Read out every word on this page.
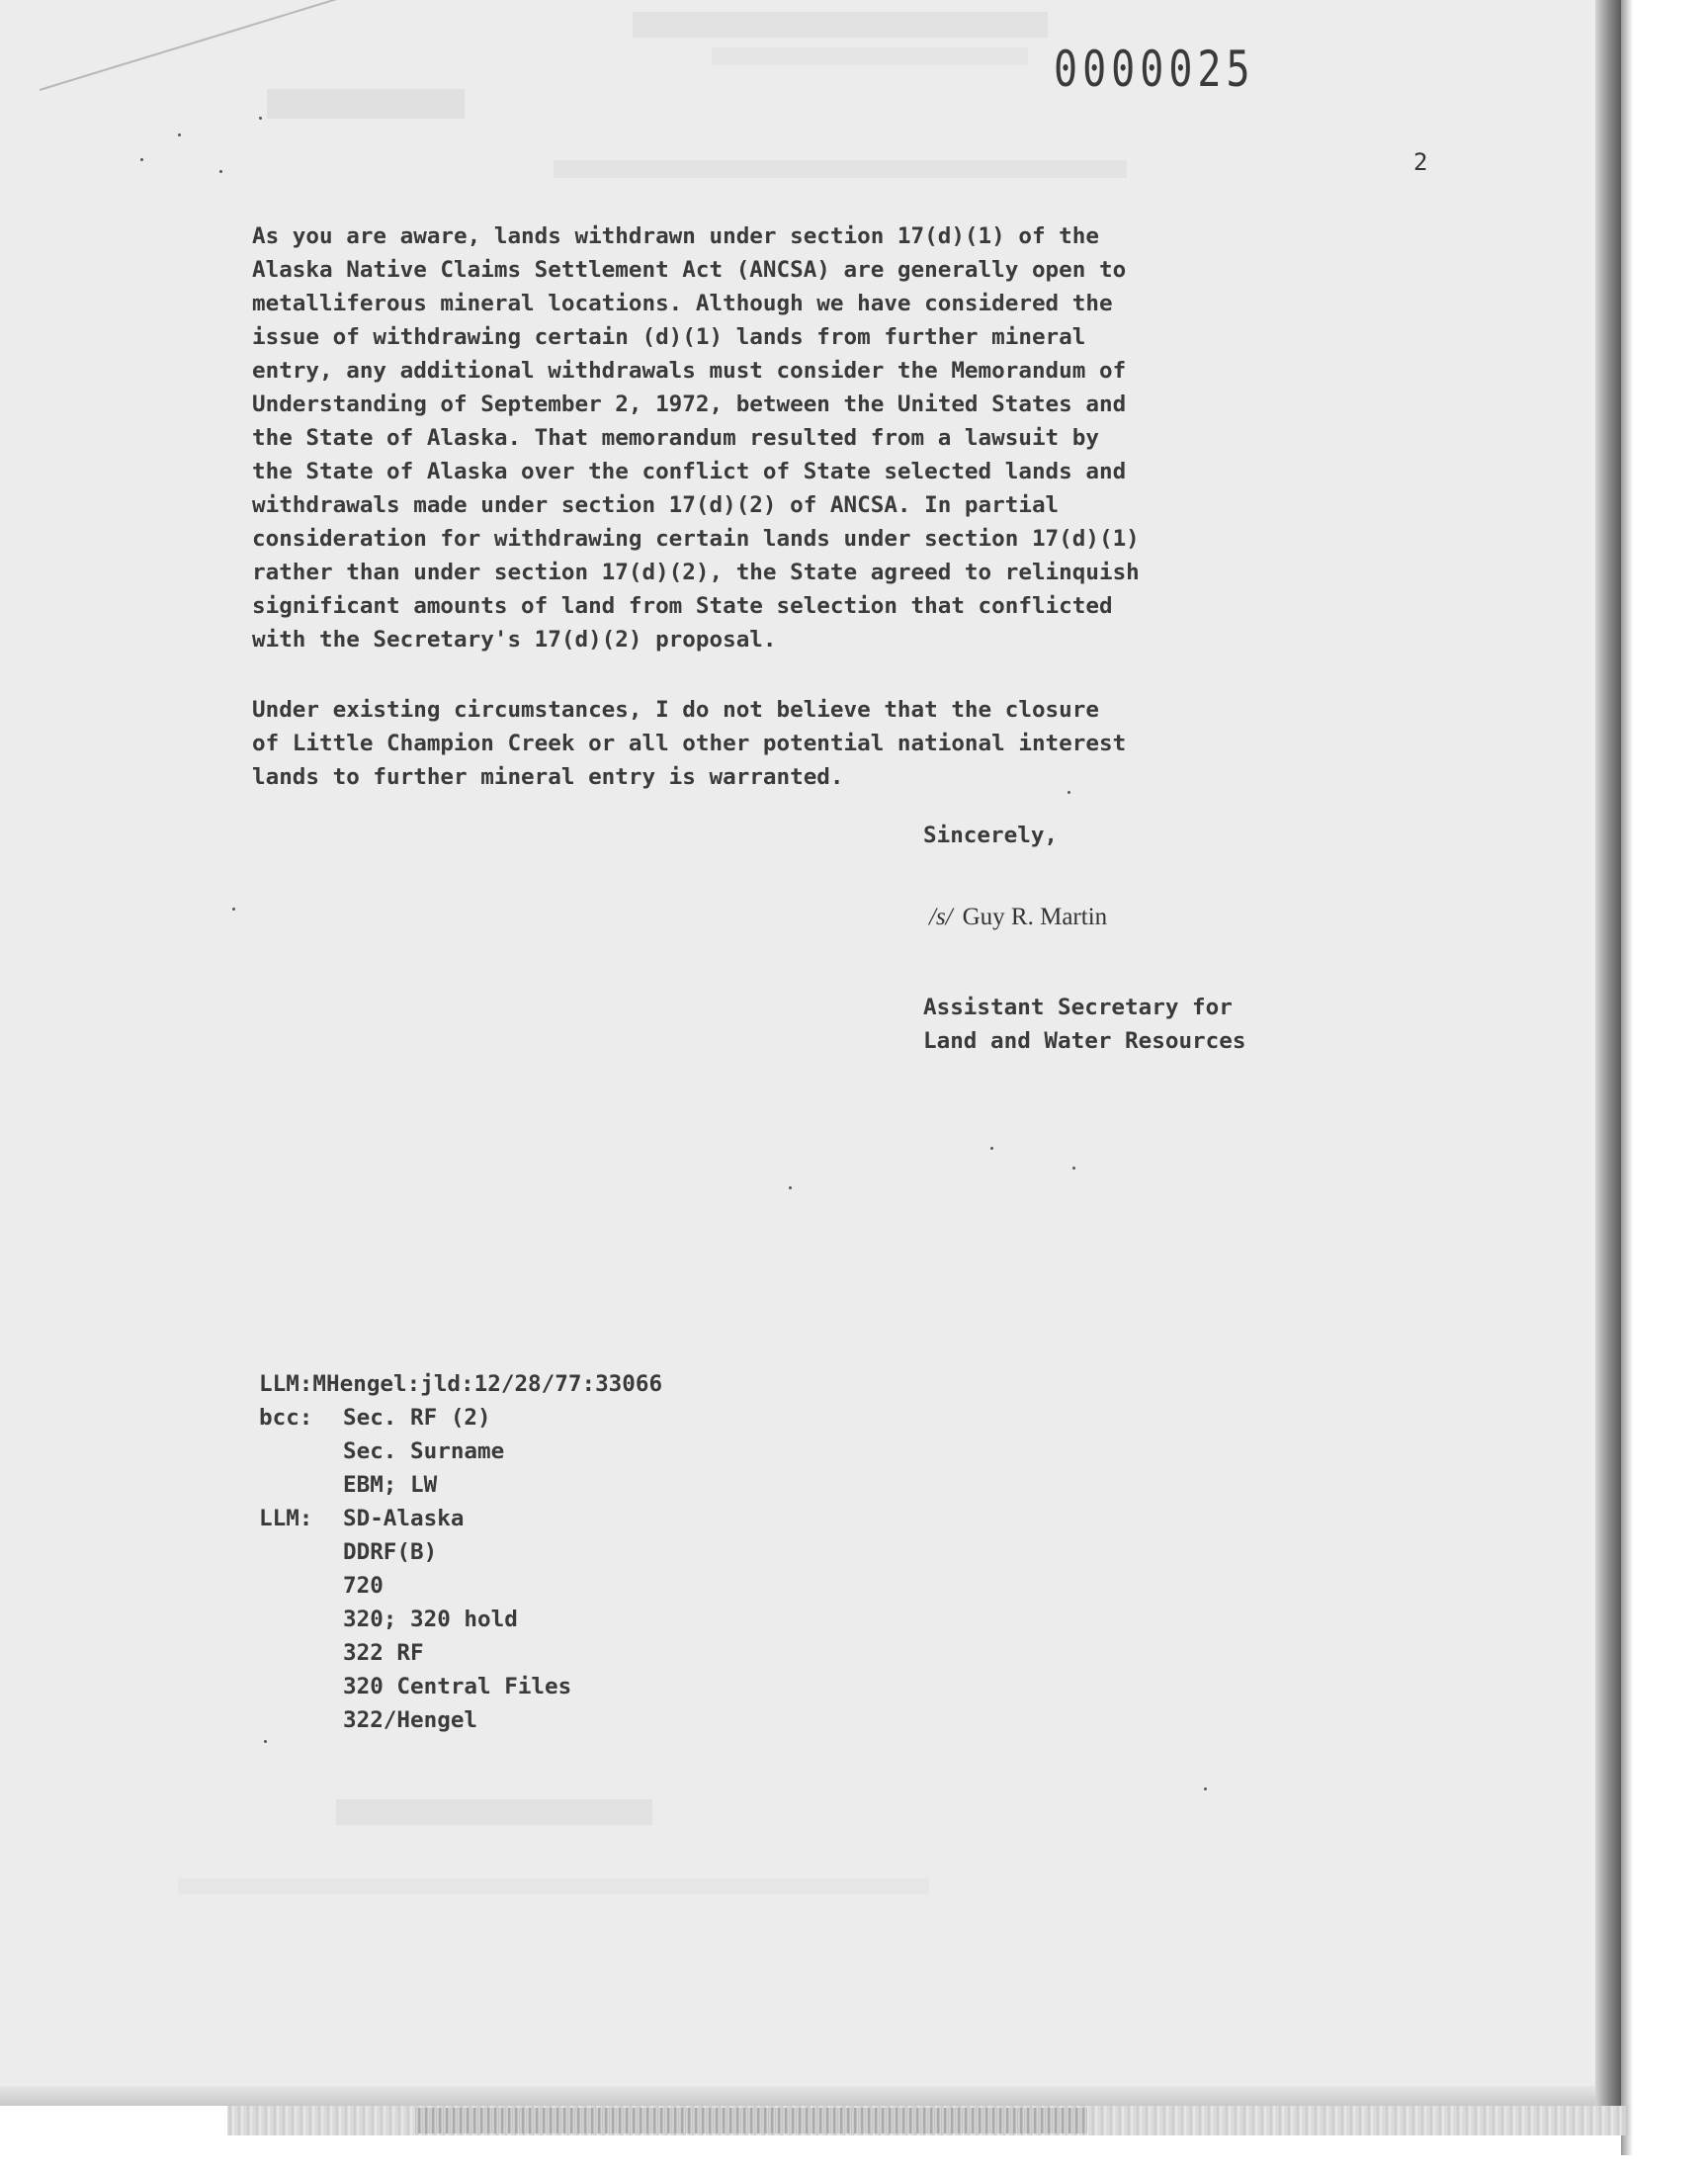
0000025
2

As you are aware, lands withdrawn under section 17(d)(1) of the
Alaska Native Claims Settlement Act (ANCSA) are generally open to
metalliferous mineral locations. Although we have considered the
issue of withdrawing certain (d)(1) lands from further mineral
entry, any additional withdrawals must consider the Memorandum of
Understanding of September 2, 1972, between the United States and
the State of Alaska. That memorandum resulted from a lawsuit by
the State of Alaska over the conflict of State selected lands and
withdrawals made under section 17(d)(2) of ANCSA. In partial
consideration for withdrawing certain lands under section 17(d)(1)
rather than under section 17(d)(2), the State agreed to relinquish
significant amounts of land from State selection that conflicted
with the Secretary's 17(d)(2) proposal.

Under existing circumstances, I do not believe that the closure
of Little Champion Creek or all other potential national interest
lands to further mineral entry is warranted.

Sincerely,
/s/ Guy R. Martin
Assistant Secretary for
Land and Water Resources
LLM:MHengel:jld:12/28/77:33066
bcc: Sec. RF (2)
Sec. Surname
EBM; LW
LLM: SD-Alaska
DDRF(B)
720
320; 320 hold
322 RF
320 Central Files
322/Hengel
